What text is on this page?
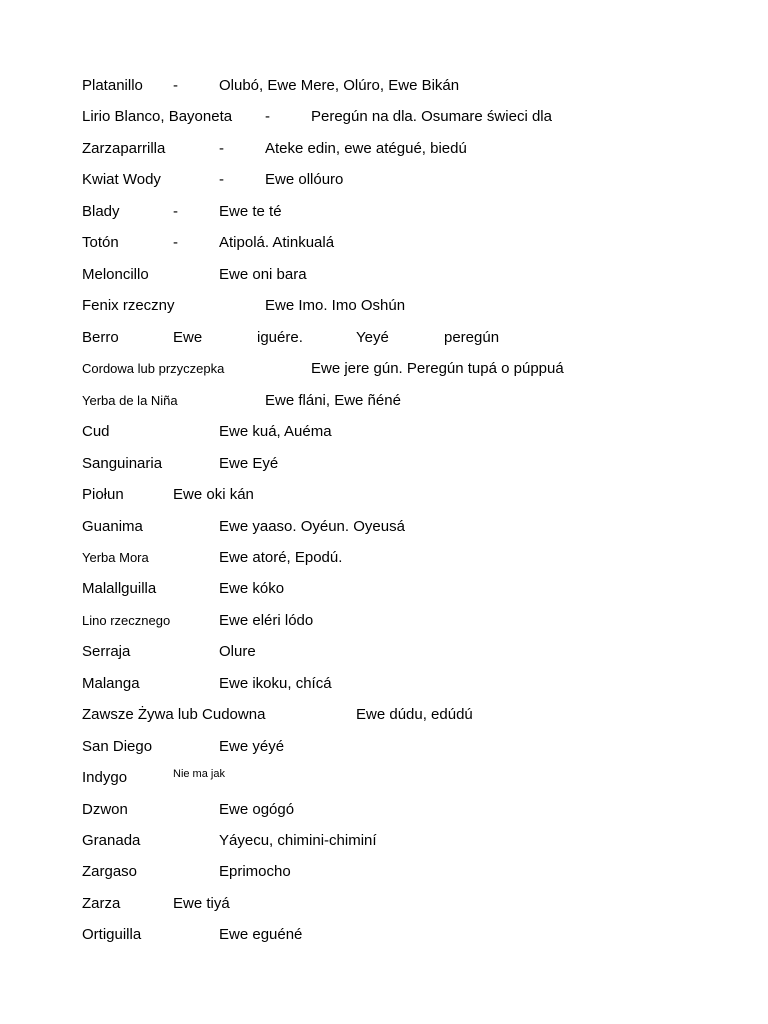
Platanillo -	Olubó, Ewe Mere, Olúro, Ewe Bikán
Lirio Blanco, Bayoneta -	Peregún na dla. Osumare świeci dla
Zarzaparrilla	-	Ateke edin, ewe atégué, biedú
Kwiat Wody	-	Ewe ollóuro
Blady	-	Ewe te té
Totón	-	Atipolá. Atinkualá
Meloncillo	Ewe oni bara
Fenix rzeczny	Ewe Imo. Imo Oshún
Berro	Ewe	iguére.	Yeyé	peregún
Cordowa lub przyczepka	Ewe jere gún. Peregún tupá o púppuá
Yerba de la Niña	Ewe fláni, Ewe ñéné
Cud	Ewe kuá, Auéma
Sanguinaria	Ewe Eyé
Piołun	Ewe oki kán
Guanima	Ewe yaaso. Oyéun. Oyeusá
Yerba Mora	Ewe atoré, Epodú.
Malallguilla	Ewe kóko
Lino rzecznego	Ewe eléri lódo
Serraja	Olure
Malanga	Ewe ikoku, chícá
Zawsze Żywa lub Cudowna	Ewe dúdu, edúdú
San Diego	Ewe yéyé
Indygo	Nie ma jak
Dzwon	Ewe ogógó
Granada	Yáyecu, chimini-chiminí
Zargaso	Eprimocho
Zarza	Ewe tiyá
Ortiguilla	Ewe eguéné
